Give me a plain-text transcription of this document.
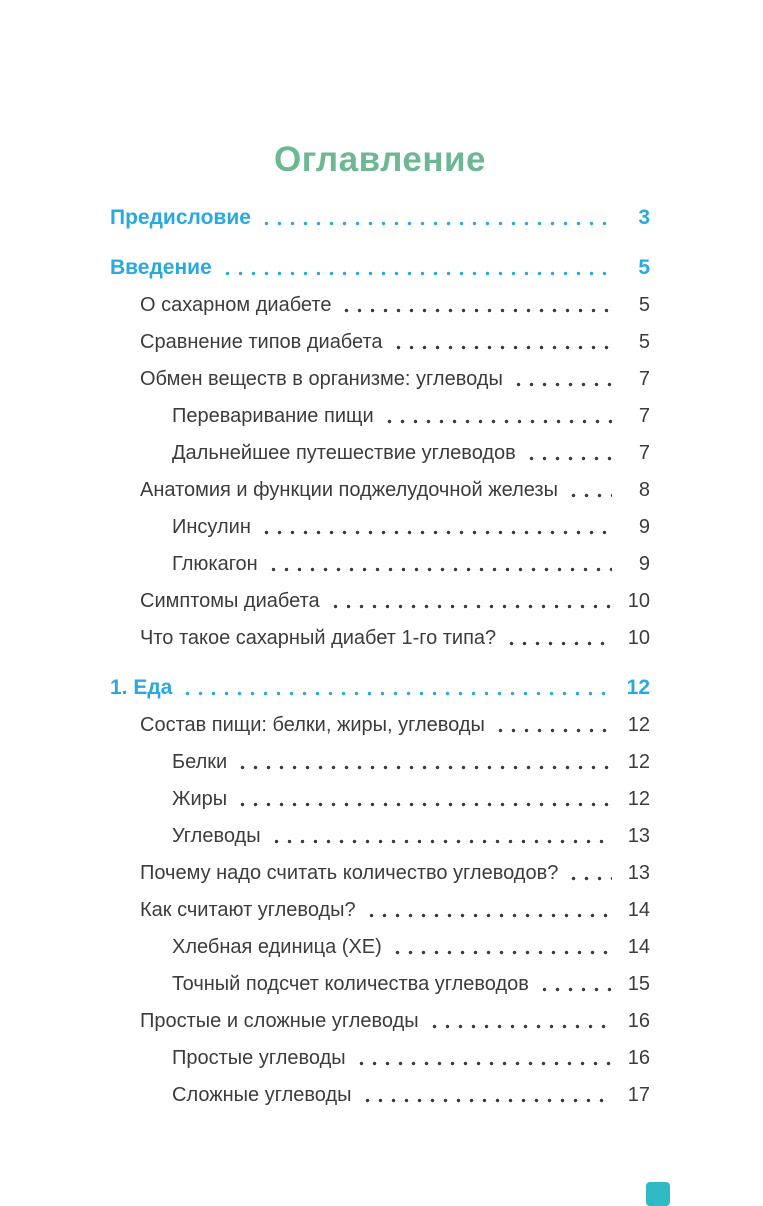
Оглавление
Предисловие	3
Введение	5
О сахарном диабете	5
Сравнение типов диабета	5
Обмен веществ в организме: углеводы	7
Переваривание пищи	7
Дальнейшее путешествие углеводов	7
Анатомия и функции поджелудочной железы	8
Инсулин	9
Глюкагон	9
Симптомы диабета	10
Что такое сахарный диабет 1-го типа?	10
1. Еда	12
Состав пищи: белки, жиры, углеводы	12
Белки	12
Жиры	12
Углеводы	13
Почему надо считать количество углеводов?	13
Как считают углеводы?	14
Хлебная единица (ХЕ)	14
Точный подсчет количества углеводов	15
Простые и сложные углеводы	16
Простые углеводы	16
Сложные углеводы	17
